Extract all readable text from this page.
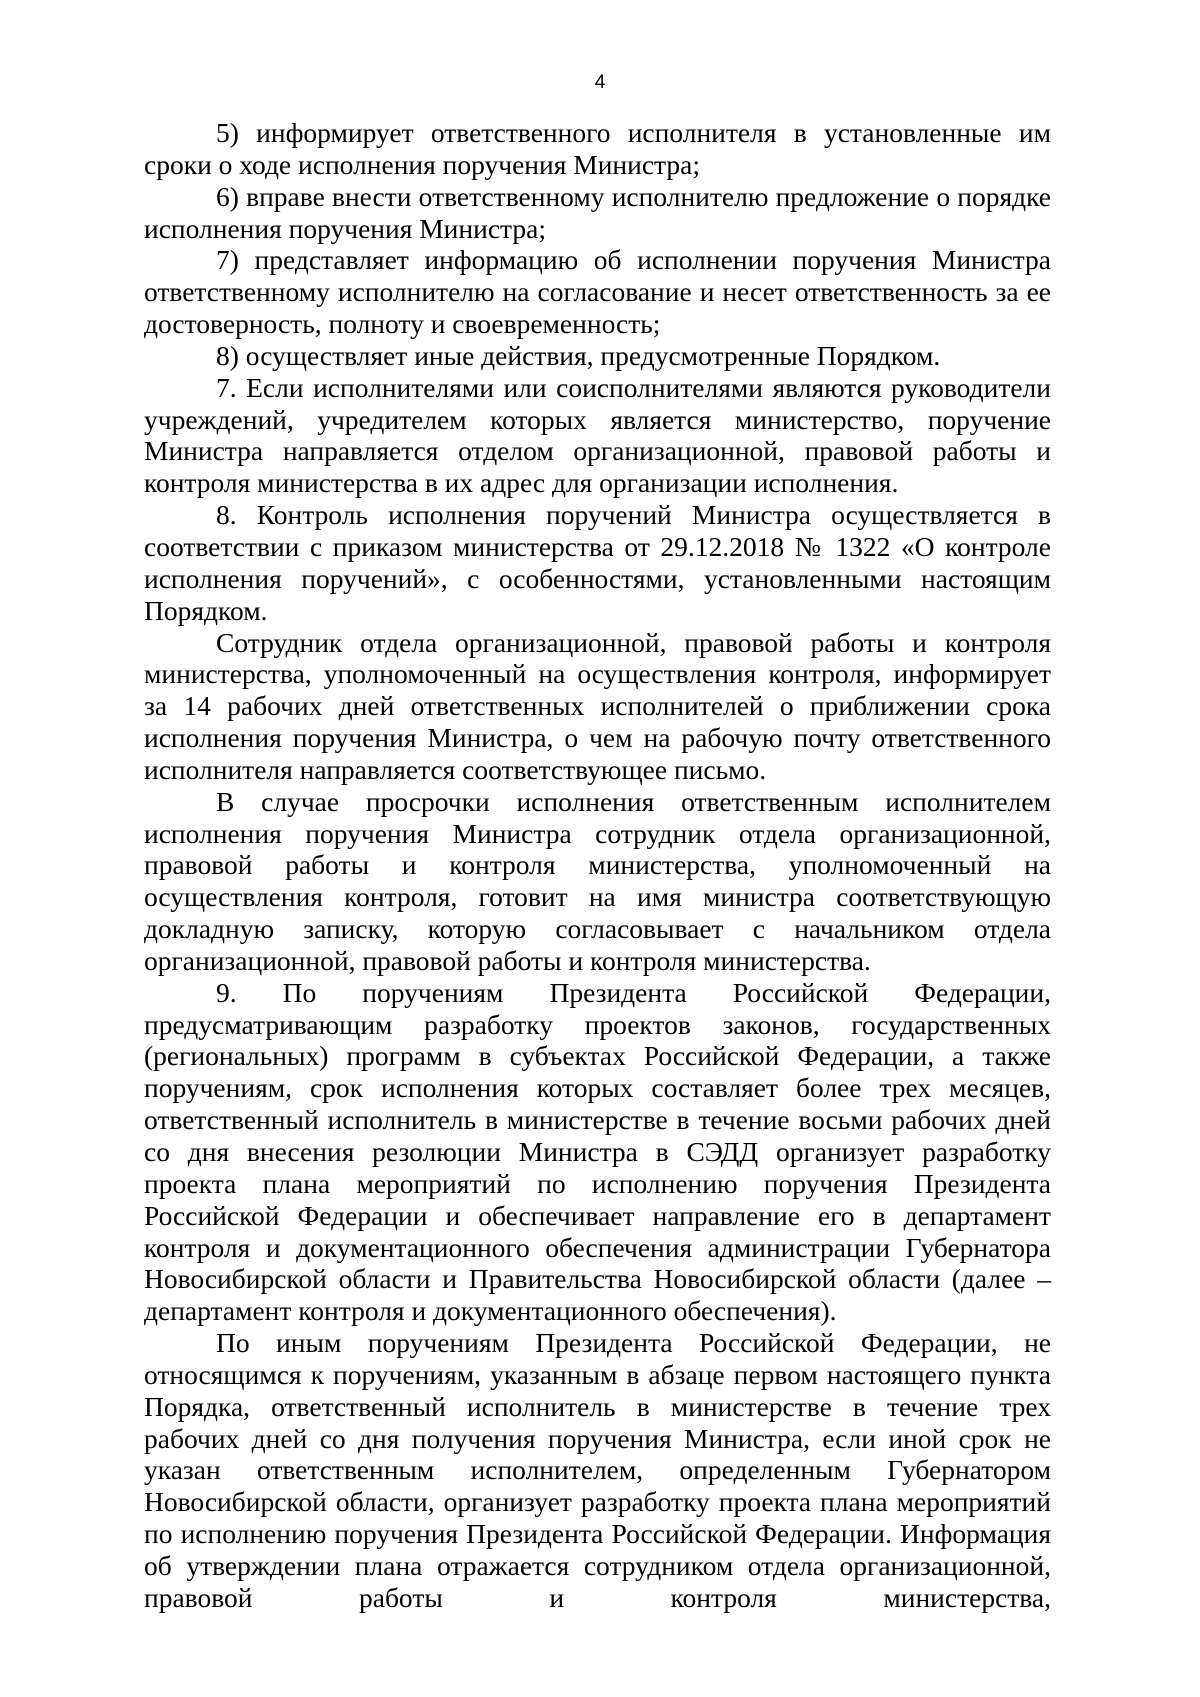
4

5) информирует ответственного исполнителя в установленные им сроки о ходе исполнения поручения Министра;

6) вправе внести ответственному исполнителю предложение о порядке исполнения поручения Министра;

7) представляет информацию об исполнении поручения Министра ответственному исполнителю на согласование и несет ответственность за ее достоверность, полноту и своевременность;

8) осуществляет иные действия, предусмотренные Порядком.

7. Если исполнителями или соисполнителями являются руководители учреждений, учредителем которых является министерство, поручение Министра направляется отделом организационной, правовой работы и контроля министерства в их адрес для организации исполнения.

8. Контроль исполнения поручений Министра осуществляется в соответствии с приказом министерства от 29.12.2018 № 1322 «О контроле исполнения поручений», с особенностями, установленными настоящим Порядком.

Сотрудник отдела организационной, правовой работы и контроля министерства, уполномоченный на осуществления контроля, информирует за 14 рабочих дней ответственных исполнителей о приближении срока исполнения поручения Министра, о чем на рабочую почту ответственного исполнителя направляется соответствующее письмо.

В случае просрочки исполнения ответственным исполнителем исполнения поручения Министра сотрудник отдела организационной, правовой работы и контроля министерства, уполномоченный на осуществления контроля, готовит на имя министра соответствующую докладную записку, которую согласовывает с начальником отдела организационной, правовой работы и контроля министерства.

9. По поручениям Президента Российской Федерации, предусматривающим разработку проектов законов, государственных (региональных) программ в субъектах Российской Федерации, а также поручениям, срок исполнения которых составляет более трех месяцев, ответственный исполнитель в министерстве в течение восьми рабочих дней со дня внесения резолюции Министра в СЭДД организует разработку проекта плана мероприятий по исполнению поручения Президента Российской Федерации и обеспечивает направление его в департамент контроля и документационного обеспечения администрации Губернатора Новосибирской области и Правительства Новосибирской области (далее – департамент контроля и документационного обеспечения).

По иным поручениям Президента Российской Федерации, не относящимся к поручениям, указанным в абзаце первом настоящего пункта Порядка, ответственный исполнитель в министерстве в течение трех рабочих дней со дня получения поручения Министра, если иной срок не указан ответственным исполнителем, определенным Губернатором Новосибирской области, организует разработку проекта плана мероприятий по исполнению поручения Президента Российской Федерации. Информация об утверждении плана отражается сотрудником отдела организационной, правовой работы и контроля министерства,
